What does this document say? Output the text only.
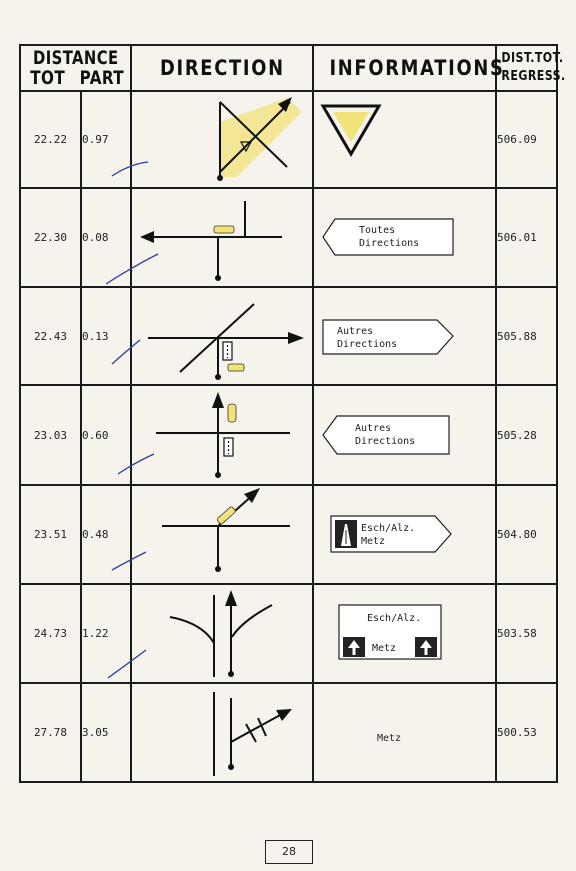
DISTANCE
TOT PART		DIRECTION	INFORMATIONS	DIST.TOT.
REGRESS.

22.22	0.97			506.09
22.30	0.08		Toutes
Directions	506.01
22.43	0.13		Autres
Directions	505.88
23.03	0.60		Autres
Directions	505.28
23.51	0.48		Esch/Alz.
Metz	504.80
24.73	1.22		Esch/Alz.
Metz	503.58
27.78	3.05		Metz	500.53
28
